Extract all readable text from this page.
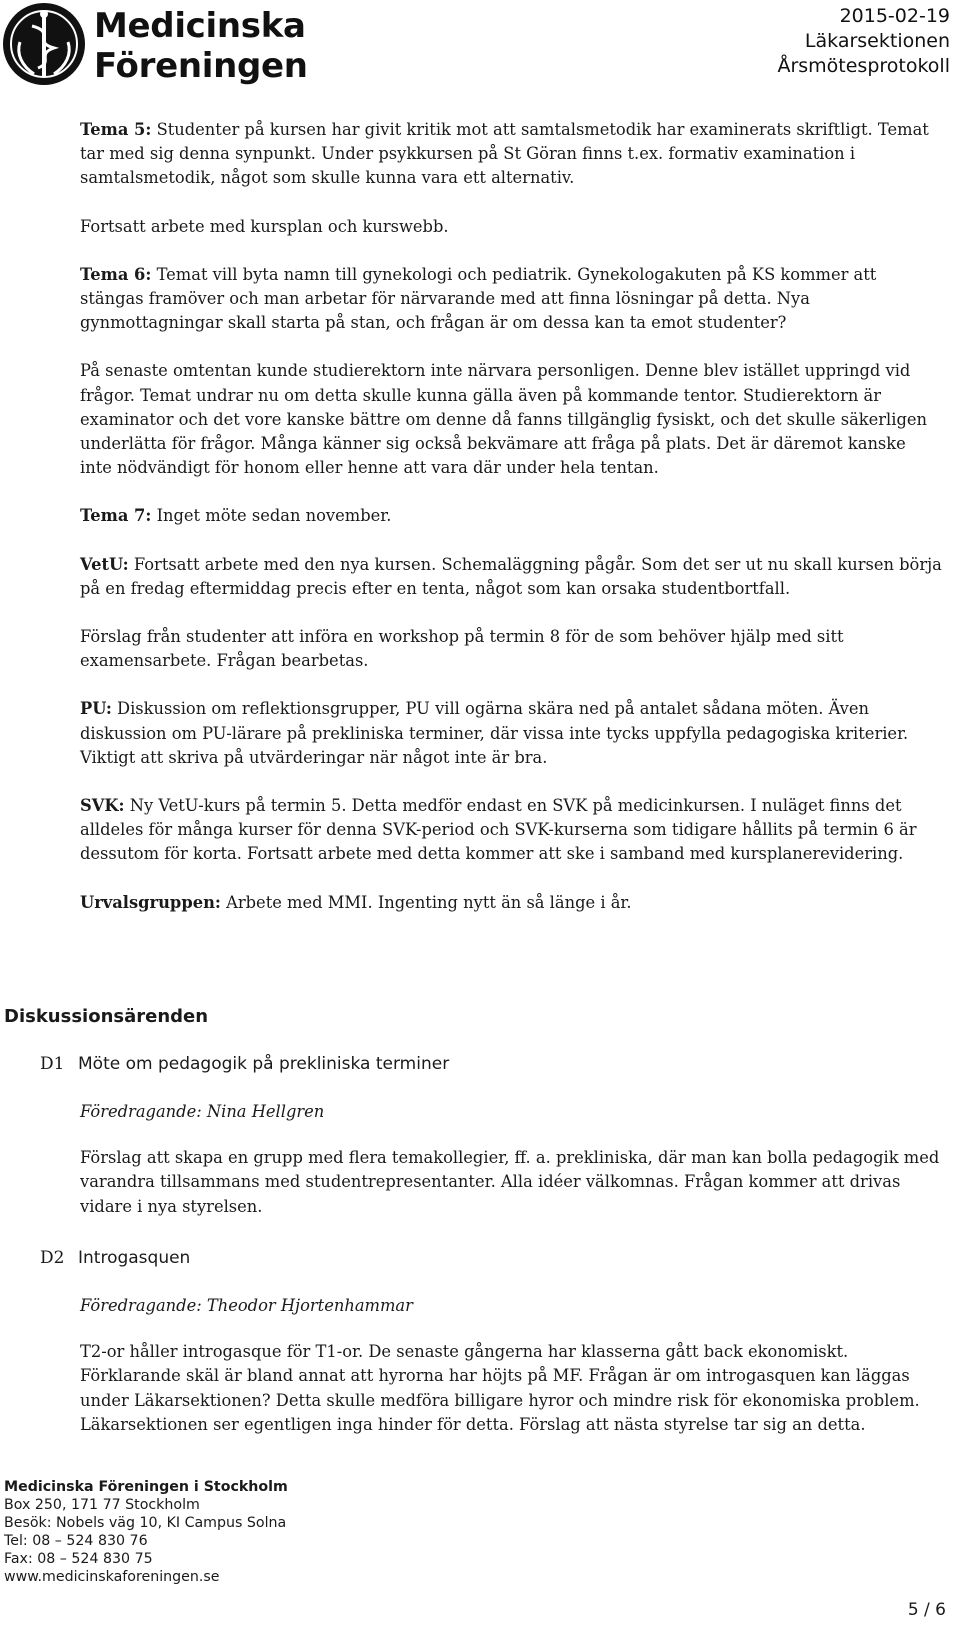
Medicinska
Föreningen
2015-02-19
Läkarsektionen
Årsmötesprotokoll

Tema 5: Studenter på kursen har givit kritik mot att samtalsmetodik har examinerats skriftligt. Temat tar med sig denna synpunkt. Under psykkursen på St Göran finns t.ex. formativ examination i samtalsmetodik, något som skulle kunna vara ett alternativ.

Fortsatt arbete med kursplan och kurswebb.

Tema 6: Temat vill byta namn till gynekologi och pediatrik. Gynekologakuten på KS kommer att stängas framöver och man arbetar för närvarande med att finna lösningar på detta. Nya gynmottagningar skall starta på stan, och frågan är om dessa kan ta emot studenter?

På senaste omtentan kunde studierektorn inte närvara personligen. Denne blev istället uppringd vid frågor. Temat undrar nu om detta skulle kunna gälla även på kommande tentor. Studierektorn är examinator och det vore kanske bättre om denne då fanns tillgänglig fysiskt, och det skulle säkerligen underlätta för frågor. Många känner sig också bekvämare att fråga på plats. Det är däremot kanske inte nödvändigt för honom eller henne att vara där under hela tentan.

Tema 7: Inget möte sedan november.

VetU: Fortsatt arbete med den nya kursen. Schemaläggning pågår. Som det ser ut nu skall kursen börja på en fredag eftermiddag precis efter en tenta, något som kan orsaka studentbortfall.

Förslag från studenter att införa en workshop på termin 8 för de som behöver hjälp med sitt examensarbete. Frågan bearbetas.

PU: Diskussion om reflektionsgrupper, PU vill ogärna skära ned på antalet sådana möten. Även diskussion om PU-lärare på prekliniska terminer, där vissa inte tycks uppfylla pedagogiska kriterier. Viktigt att skriva på utvärderingar när något inte är bra.

SVK: Ny VetU-kurs på termin 5. Detta medför endast en SVK på medicinkursen. I nuläget finns det alldeles för många kurser för denna SVK-period och SVK-kurserna som tidigare hållits på termin 6 är dessutom för korta. Fortsatt arbete med detta kommer att ske i samband med kursplanerevidering.

Urvalsgruppen: Arbete med MMI. Ingenting nytt än så länge i år.

Diskussionsärenden
D1 Möte om pedagogik på prekliniska terminer

Föredragande: Nina Hellgren

Förslag att skapa en grupp med flera temakollegier, ff. a. prekliniska, där man kan bolla pedagogik med varandra tillsammans med studentrepresentanter. Alla idéer välkomnas. Frågan kommer att drivas vidare i nya styrelsen.

D2 Introgasquen

Föredragande: Theodor Hjortenhammar

T2-or håller introgasque för T1-or. De senaste gångerna har klasserna gått back ekonomiskt. Förklarande skäl är bland annat att hyrorna har höjts på MF. Frågan är om introgasquen kan läggas under Läkarsektionen? Detta skulle medföra billigare hyror och mindre risk för ekonomiska problem. Läkarsektionen ser egentligen inga hinder för detta. Förslag att nästa styrelse tar sig an detta.

Medicinska Föreningen i Stockholm
Box 250, 171 77 Stockholm
Besök: Nobels väg 10, KI Campus Solna
Tel: 08 – 524 830 76
Fax: 08 – 524 830 75
www.medicinskaforeningen.se
5 / 6
